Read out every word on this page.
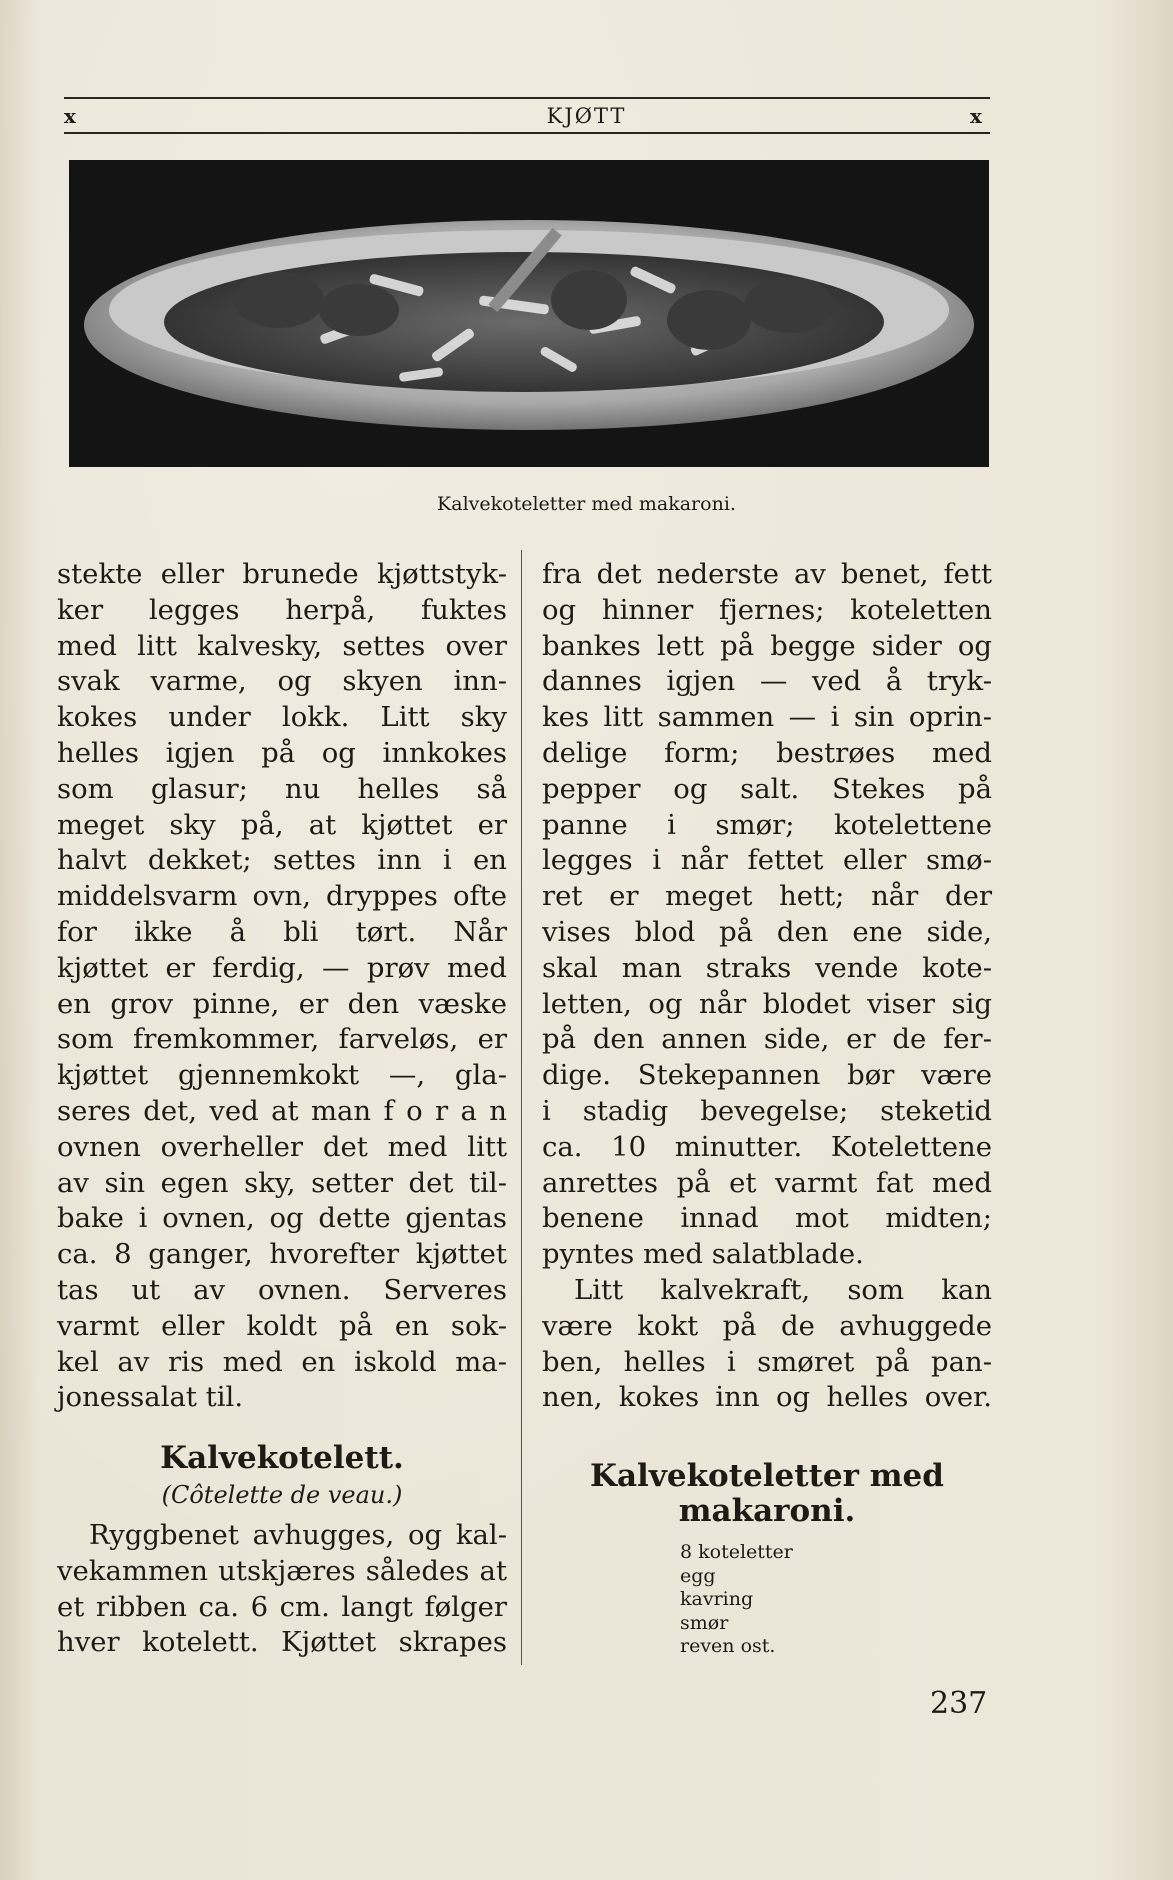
x	KJØTT	x
Kalvekoteletter med makaroni.
stekte eller brunede kjøttstyk-
ker legges herpå, fuktes
med litt kalvesky, settes over
svak varme, og skyen inn-
kokes under lokk. Litt sky
helles igjen på og innkokes
som glasur; nu helles så
meget sky på, at kjøttet er
halvt dekket; settes inn i en
middelsvarm ovn, dryppes ofte
for ikke å bli tørt. Når
kjøttet er ferdig, — prøv med
en grov pinne, er den væske
som fremkommer, farveløs, er
kjøttet gjennemkokt —, gla-
seres det, ved at man f o r a n
ovnen overheller det med litt
av sin egen sky, setter det til-
bake i ovnen, og dette gjentas
ca. 8 ganger, hvorefter kjøttet
tas ut av ovnen. Serveres
varmt eller koldt på en sok-
kel av ris med en iskold ma-
jonessalat til.
Kalvekotelett.
(Côtelette de veau.)
Ryggbenet avhugges, og kal-
vekammen utskjæres således at
et ribben ca. 6 cm. langt følger
hver kotelett. Kjøttet skrapes
fra det nederste av benet, fett
og hinner fjernes; koteletten
bankes lett på begge sider og
dannes igjen — ved å tryk-
kes litt sammen — i sin oprin-
delige form; bestrøes med
pepper og salt. Stekes på
panne i smør; kotelettene
legges i når fettet eller smø-
ret er meget hett; når der
vises blod på den ene side,
skal man straks vende kote-
letten, og når blodet viser sig
på den annen side, er de fer-
dige. Stekepannen bør være
i stadig bevegelse; steketid
ca. 10 minutter. Kotelettene
anrettes på et varmt fat med
benene innad mot midten;
pyntes med salatblade.
Litt kalvekraft, som kan
være kokt på de avhuggede
ben, helles i smøret på pan-
nen, kokes inn og helles over.
Kalvekoteletter med
makaroni.
8 koteletter
egg
kavring
smør
reven ost.
237
